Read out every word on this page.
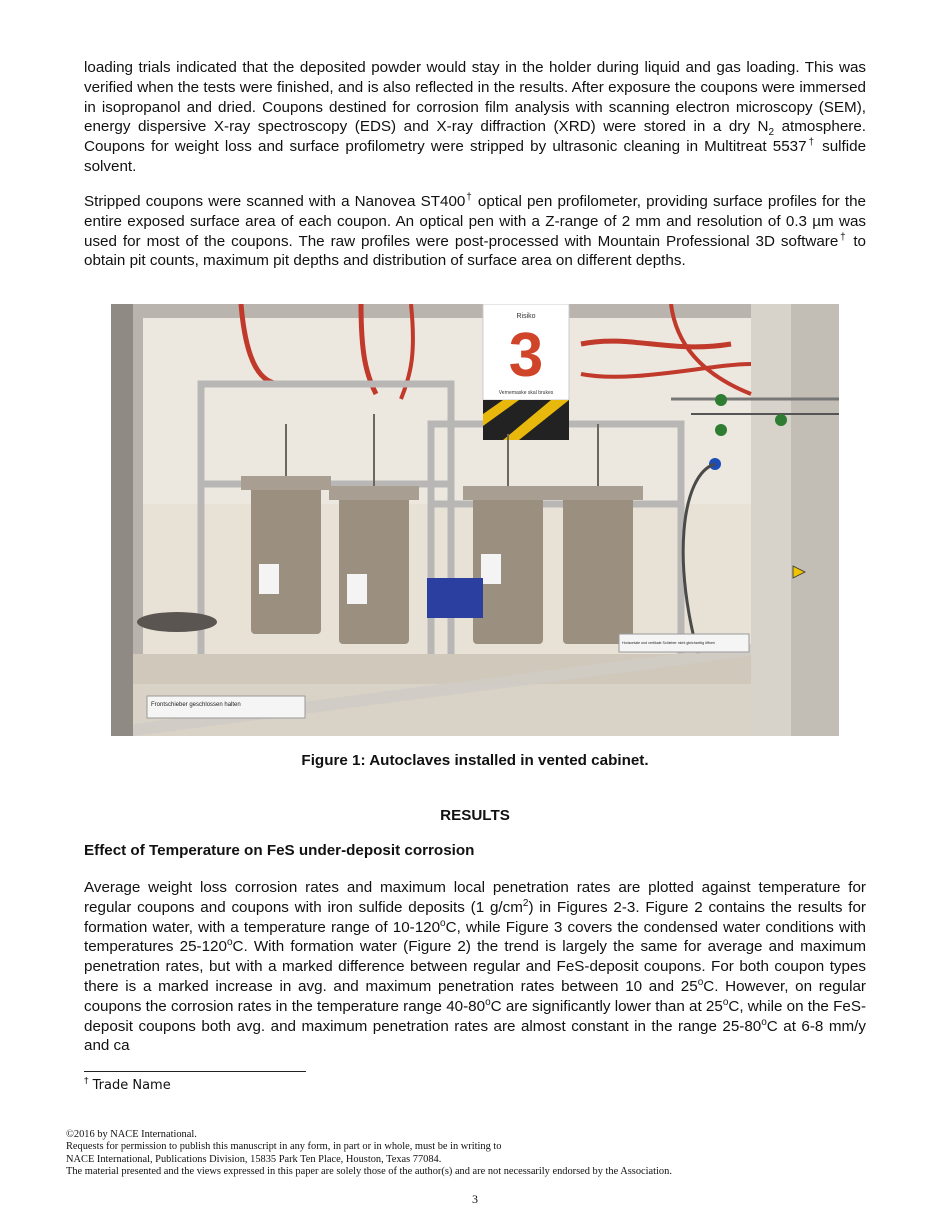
loading trials indicated that the deposited powder would stay in the holder during liquid and gas loading. This was verified when the tests were finished, and is also reflected in the results. After exposure the coupons were immersed in isopropanol and dried. Coupons destined for corrosion film analysis with scanning electron microscopy (SEM), energy dispersive X-ray spectroscopy (EDS) and X-ray diffraction (XRD) were stored in a dry $N_2$ atmosphere. Coupons for weight loss and surface profilometry were stripped by ultrasonic cleaning in Multitreat 5537† sulfide solvent.

Stripped coupons were scanned with a Nanovea ST400† optical pen profilometer, providing surface profiles for the entire exposed surface area of each coupon. An optical pen with a Z-range of 2 mm and resolution of 0.3 µm was used for most of the coupons. The raw profiles were post-processed with Mountain Professional 3D software† to obtain pit counts, maximum pit depths and distribution of surface area on different depths.

Risiko
3
Vernemaske skal brukes
Frontschieber geschlossen halten
Horizontale und vertikale Schieber nicht gleichzeitig öffnen

Figure 1: Autoclaves installed in vented cabinet.

RESULTS

Effect of Temperature on FeS under-deposit corrosion

Average weight loss corrosion rates and maximum local penetration rates are plotted against temperature for regular coupons and coupons with iron sulfide deposits (1 $g/cm^2$) in Figures 2-3. Figure 2 contains the results for formation water, with a temperature range of 10-120$^o$C, while Figure 3 covers the condensed water conditions with temperatures 25-120$^o$C. With formation water (Figure 2) the trend is largely the same for average and maximum penetration rates, but with a marked difference between regular and FeS-deposit coupons. For both coupon types there is a marked increase in avg. and maximum penetration rates between 10 and 25$^o$C. However, on regular coupons the corrosion rates in the temperature range 40-80$^o$C are significantly lower than at 25$^o$C, while on the FeS-deposit coupons both avg. and maximum penetration rates are almost constant in the range 25-80$^o$C at 6-8 mm/y and ca

† Trade Name

©2016 by NACE International.
Requests for permission to publish this manuscript in any form, in part or in whole, must be in writing to
NACE International, Publications Division, 15835 Park Ten Place, Houston, Texas 77084.
The material presented and the views expressed in this paper are solely those of the author(s) and are not necessarily endorsed by the Association.

3
